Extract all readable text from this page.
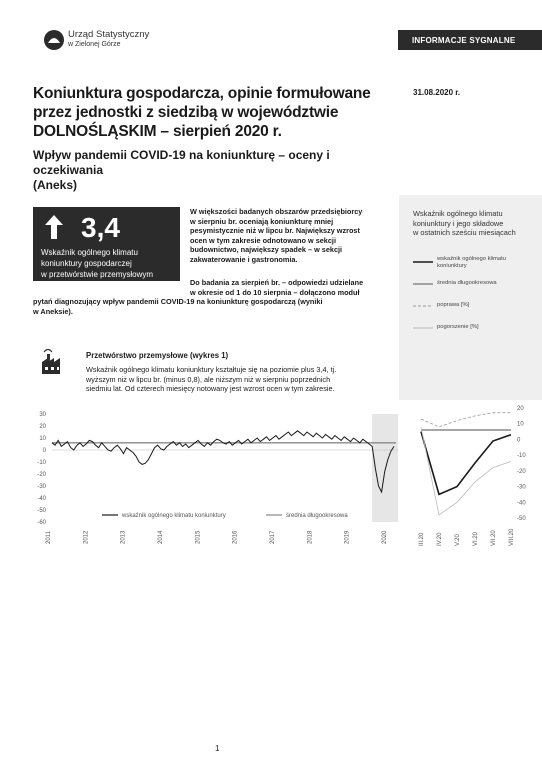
Urząd Statystyczny
w Zielonej Górze	INFORMACJE SYGNALNE
Koniunktura gospodarcza, opinie formułowane
przez jednostki z siedzibą w województwie
DOLNOŚLĄSKIM – sierpień 2020 r.
Wpływ pandemii COVID-19 na koniunkturę – oceny i oczekiwania
(Aneks)
31.08.2020 r.
3,4
Wskaźnik ogólnego klimatu
koniunktury gospodarczej
w przetwórstwie przemysłowym
W większości badanych obszarów przedsiębiorcy
w sierpniu br. oceniają koniunkturę mniej
pesymistycznie niż w lipcu br. Największy wzrost
ocen w tym zakresie odnotowano w sekcji
budownictwo, największy spadek – w sekcji
zakwaterowanie i gastronomia.
Do badania za sierpień br. – odpowiedzi udzielane
w okresie od 1 do 10 sierpnia – dołączono moduł
pytań diagnozujący wpływ pandemii COVID-19 na koniunkturę gospodarczą (wyniki
w Aneksie).
Przetwórstwo przemysłowe (wykres 1)
Wskaźnik ogólnego klimatu koniunktury kształtuje się na poziomie plus 3,4, tj.
wyższym niż w lipcu br. (minus 0,8), ale niższym niż w sierpniu poprzednich
siedmiu lat. Od czterech miesięcy notowany jest wzrost ocen w tym zakresie.
30
20
10
0
-10
-20
-30
-40
-50
-60
2011	2012	2013	2014	2015	2016	2017	2018	2019	2020
wskaźnik ogólnego klimatu koniunktury	średnia długookresowa
Wskaźnik ogólnego klimatu
koniunktury i jego składowe
w ostatnich sześciu miesiącach
wskaźnik ogólnego klimatu
koniunktury
średnia długookresowa
poprawa [%]
pogorszenie [%]
20
10
0
-10
-20
-30
-40
-50
III.20 IV.20 V.20 VI.20 VII.20 VIII.20
1
